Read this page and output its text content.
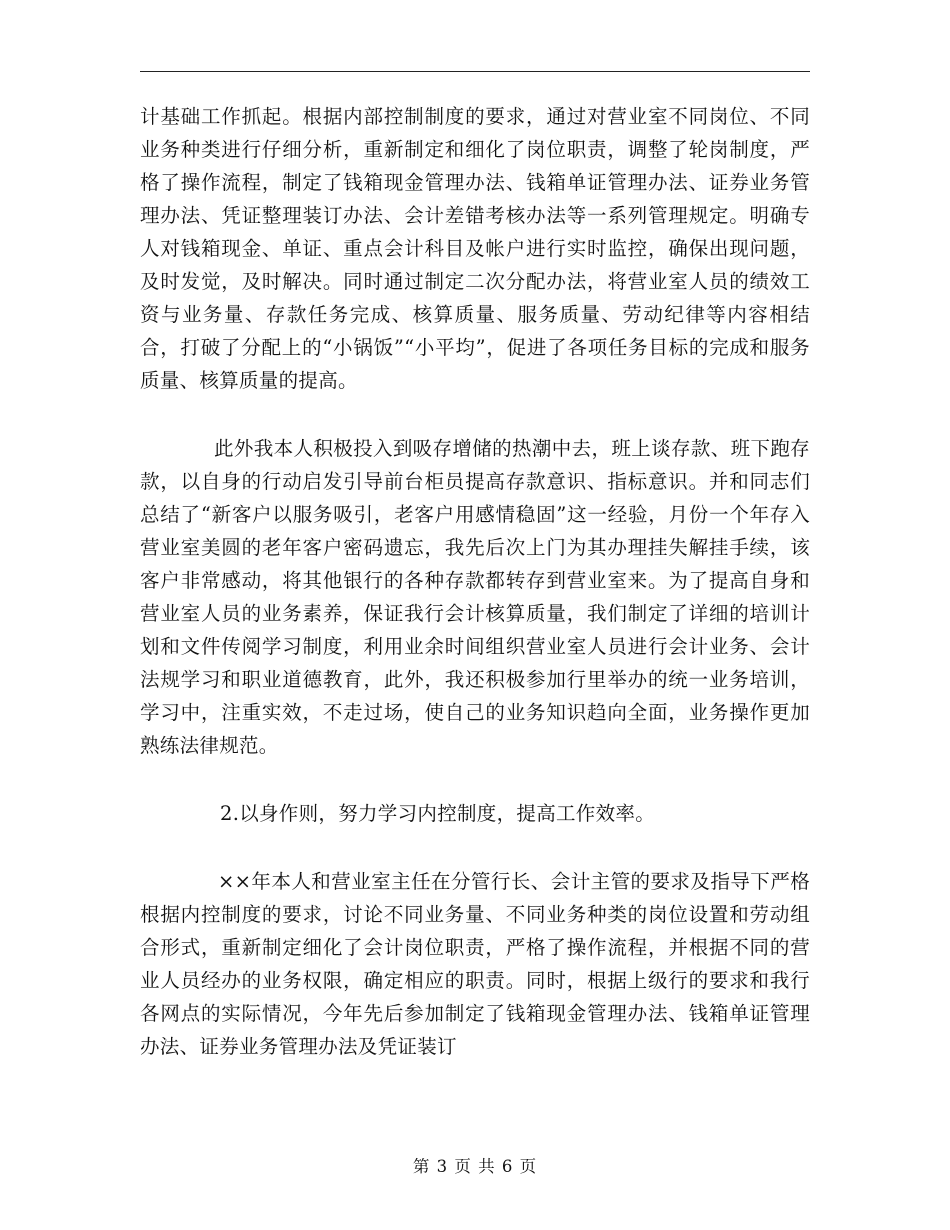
计基础工作抓起。根据内部控制制度的要求，通过对营业室不同岗位、不同业务种类进行仔细分析，重新制定和细化了岗位职责，调整了轮岗制度，严格了操作流程，制定了钱箱现金管理办法、钱箱单证管理办法、证券业务管理办法、凭证整理装订办法、会计差错考核办法等一系列管理规定。明确专人对钱箱现金、单证、重点会计科目及帐户进行实时监控，确保出现问题，及时发觉，及时解决。同时通过制定二次分配办法，将营业室人员的绩效工资与业务量、存款任务完成、核算质量、服务质量、劳动纪律等内容相结合，打破了分配上的“小锅饭”“小平均”，促进了各项任务目标的完成和服务质量、核算质量的提高。

此外我本人积极投入到吸存增储的热潮中去，班上谈存款、班下跑存款，以自身的行动启发引导前台柜员提高存款意识、指标意识。并和同志们总结了“新客户以服务吸引，老客户用感情稳固”这一经验，月份一个年存入营业室美圆的老年客户密码遗忘，我先后次上门为其办理挂失解挂手续，该客户非常感动，将其他银行的各种存款都转存到营业室来。为了提高自身和营业室人员的业务素养，保证我行会计核算质量，我们制定了详细的培训计划和文件传阅学习制度，利用业余时间组织营业室人员进行会计业务、会计法规学习和职业道德教育，此外，我还积极参加行里举办的统一业务培训，学习中，注重实效，不走过场，使自己的业务知识趋向全面，业务操作更加熟练法律规范。

2.以身作则，努力学习内控制度，提高工作效率。

××年本人和营业室主任在分管行长、会计主管的要求及指导下严格根据内控制度的要求，讨论不同业务量、不同业务种类的岗位设置和劳动组合形式，重新制定细化了会计岗位职责，严格了操作流程，并根据不同的营业人员经办的业务权限，确定相应的职责。同时，根据上级行的要求和我行各网点的实际情况，今年先后参加制定了钱箱现金管理办法、钱箱单证管理办法、证券业务管理办法及凭证装订

第 3 页 共 6 页
